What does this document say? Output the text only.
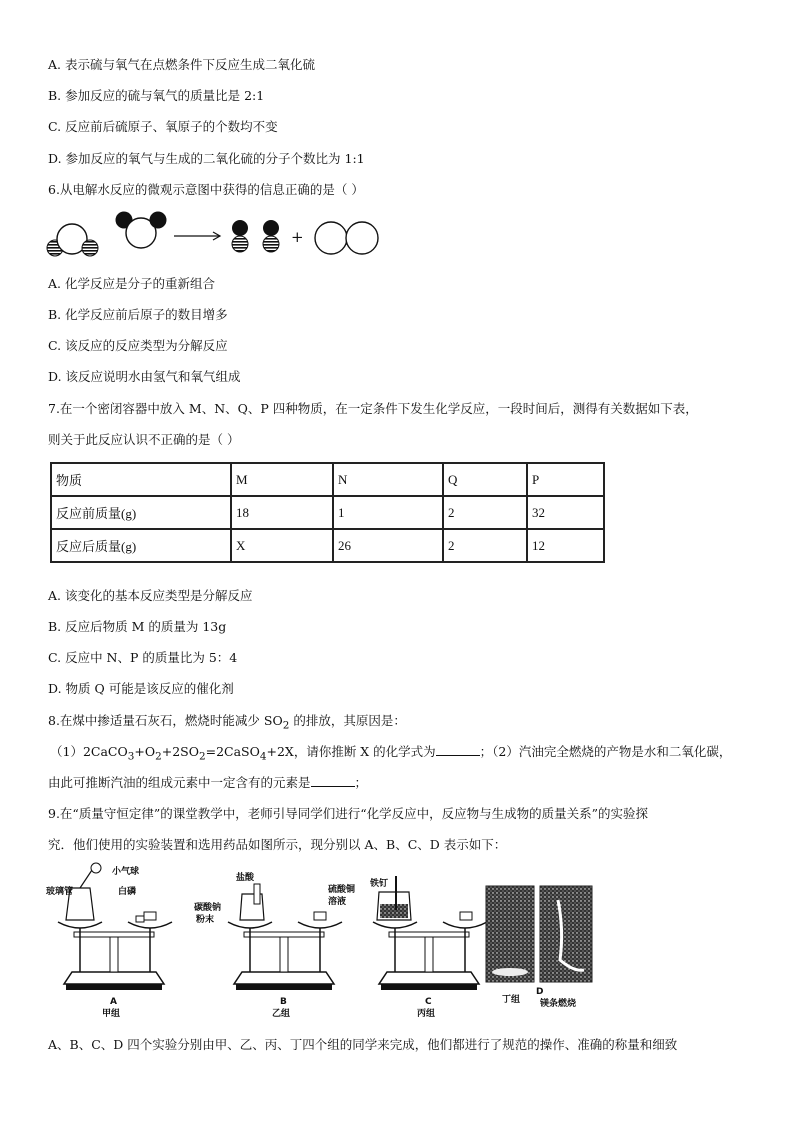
A. 表示硫与氧气在点燃条件下反应生成二氧化硫
B. 参加反应的硫与氧气的质量比是 2:1
C. 反应前后硫原子、氧原子的个数均不变
D. 参加反应的氧气与生成的二氧化硫的分子个数比为 1:1
6.从电解水反应的微观示意图中获得的信息正确的是（ ）
+
A. 化学反应是分子的重新组合
B. 化学反应前后原子的数目增多
C. 该反应的反应类型为分解反应
D. 该反应说明水由氢气和氧气组成
7.在一个密闭容器中放入 M、N、Q、P 四种物质，在一定条件下发生化学反应，一段时间后，测得有关数据如下表，
则关于此反应认识不正确的是（ ）
物质	M	N	Q	P
反应前质量(g)	18	1	2	32
反应后质量(g)	X	26	2	12
A. 该变化的基本反应类型是分解反应
B. 反应后物质 M 的质量为 13g
C. 反应中 N、P 的质量比为 5：4
D. 物质 Q 可能是该反应的催化剂
8.在煤中掺适量石灰石，燃烧时能减少 $SO_2$ 的排放，其原因是：
$(1)2CaCO_3+O_2+2SO_2=2CaSO_4+2X$，请你推断 X 的化学式为	；（2）汽油完全燃烧的产物是水和二氧化碳，
由此可推断汽油的组成元素中一定含有的元素是	；
9.在“质量守恒定律”的课堂教学中，老师引导同学们进行“化学反应中，反应物与生成物的质量关系”的实验探
究．他们使用的实验装置和选用药品如图所示，现分别以 A、B、C、D 表示如下：
小气球
玻璃管	白磷
盐酸
碳酸钠
粉末
硫酸铜
溶液
铁钉
A
甲组
B
乙组
C
丙组
丁组
D
镁条燃烧
A、B、C、D 四个实验分别由甲、乙、丙、丁四个组的同学来完成，他们都进行了规范的操作、准确的称量和细致
